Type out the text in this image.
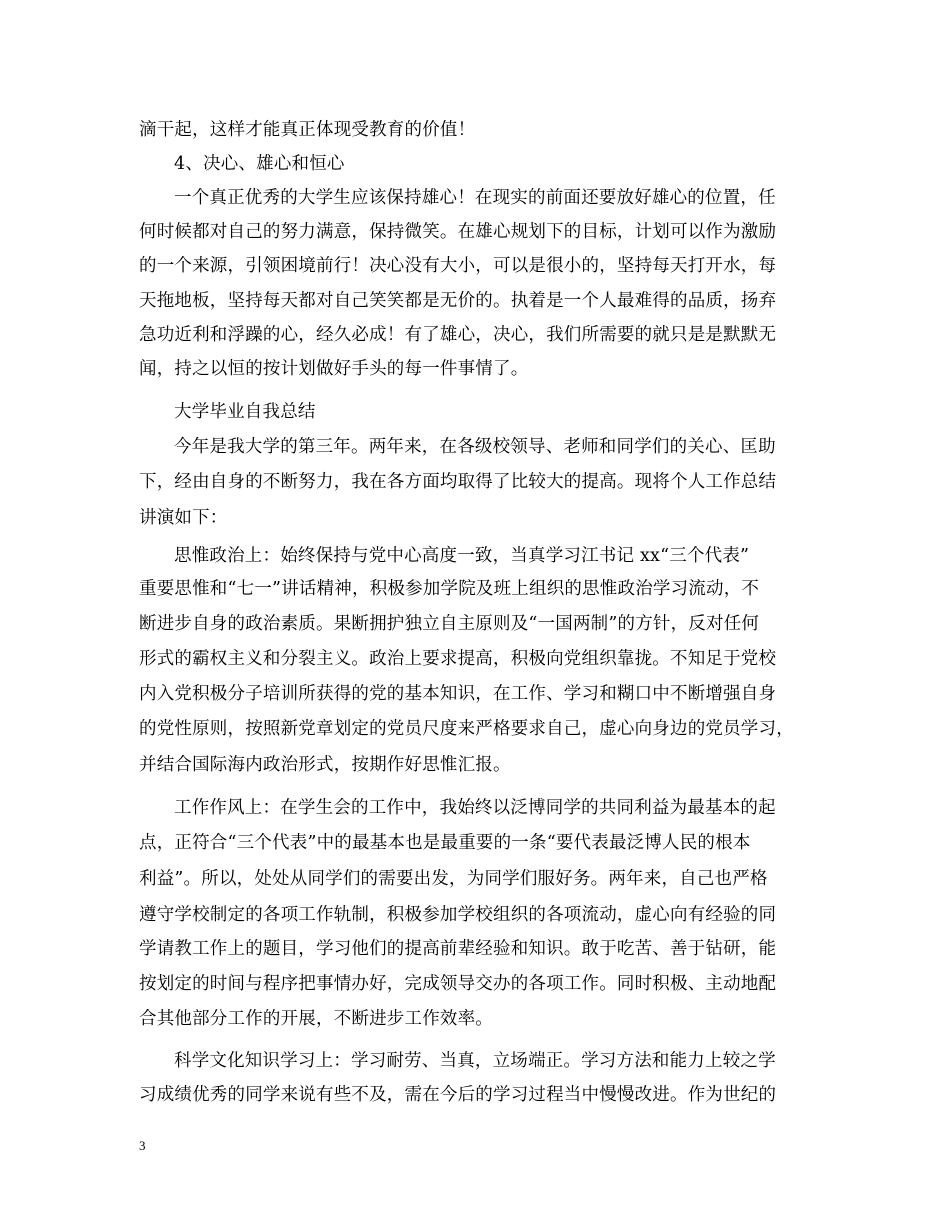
滴干起，这样才能真正体现受教育的价值！
4、决心、雄心和恒心
一个真正优秀的大学生应该保持雄心！在现实的前面还要放好雄心的位置，任
何时候都对自己的努力满意，保持微笑。在雄心规划下的目标，计划可以作为激励
的一个来源，引领困境前行！决心没有大小，可以是很小的，坚持每天打开水，每
天拖地板，坚持每天都对自己笑笑都是无价的。执着是一个人最难得的品质，扬弃
急功近利和浮躁的心，经久必成！有了雄心，决心，我们所需要的就只是是默默无
闻，持之以恒的按计划做好手头的每一件事情了。
大学毕业自我总结
今年是我大学的第三年。两年来，在各级校领导、老师和同学们的关心、匡助
下，经由自身的不断努力，我在各方面均取得了比较大的提高。现将个人工作总结
讲演如下：
思惟政治上：始终保持与党中心高度一致，当真学习江书记 xx“三个代表”
重要思惟和“七一”讲话精神，积极参加学院及班上组织的思惟政治学习流动，不
断进步自身的政治素质。果断拥护独立自主原则及“一国两制”的方针，反对任何
形式的霸权主义和分裂主义。政治上要求提高，积极向党组织靠拢。不知足于党校
内入党积极分子培训所获得的党的基本知识，在工作、学习和糊口中不断增强自身
的党性原则，按照新党章划定的党员尺度来严格要求自己，虚心向身边的党员学习，
并结合国际海内政治形式，按期作好思惟汇报。
工作作风上：在学生会的工作中，我始终以泛博同学的共同利益为最基本的起
点，正符合“三个代表”中的最基本也是最重要的一条“要代表最泛博人民的根本
利益”。所以，处处从同学们的需要出发，为同学们服好务。两年来，自己也严格
遵守学校制定的各项工作轨制，积极参加学校组织的各项流动，虚心向有经验的同
学请教工作上的题目，学习他们的提高前辈经验和知识。敢于吃苦、善于钻研，能
按划定的时间与程序把事情办好，完成领导交办的各项工作。同时积极、主动地配
合其他部分工作的开展，不断进步工作效率。
科学文化知识学习上：学习耐劳、当真，立场端正。学习方法和能力上较之学
习成绩优秀的同学来说有些不及，需在今后的学习过程当中慢慢改进。作为世纪的
3
